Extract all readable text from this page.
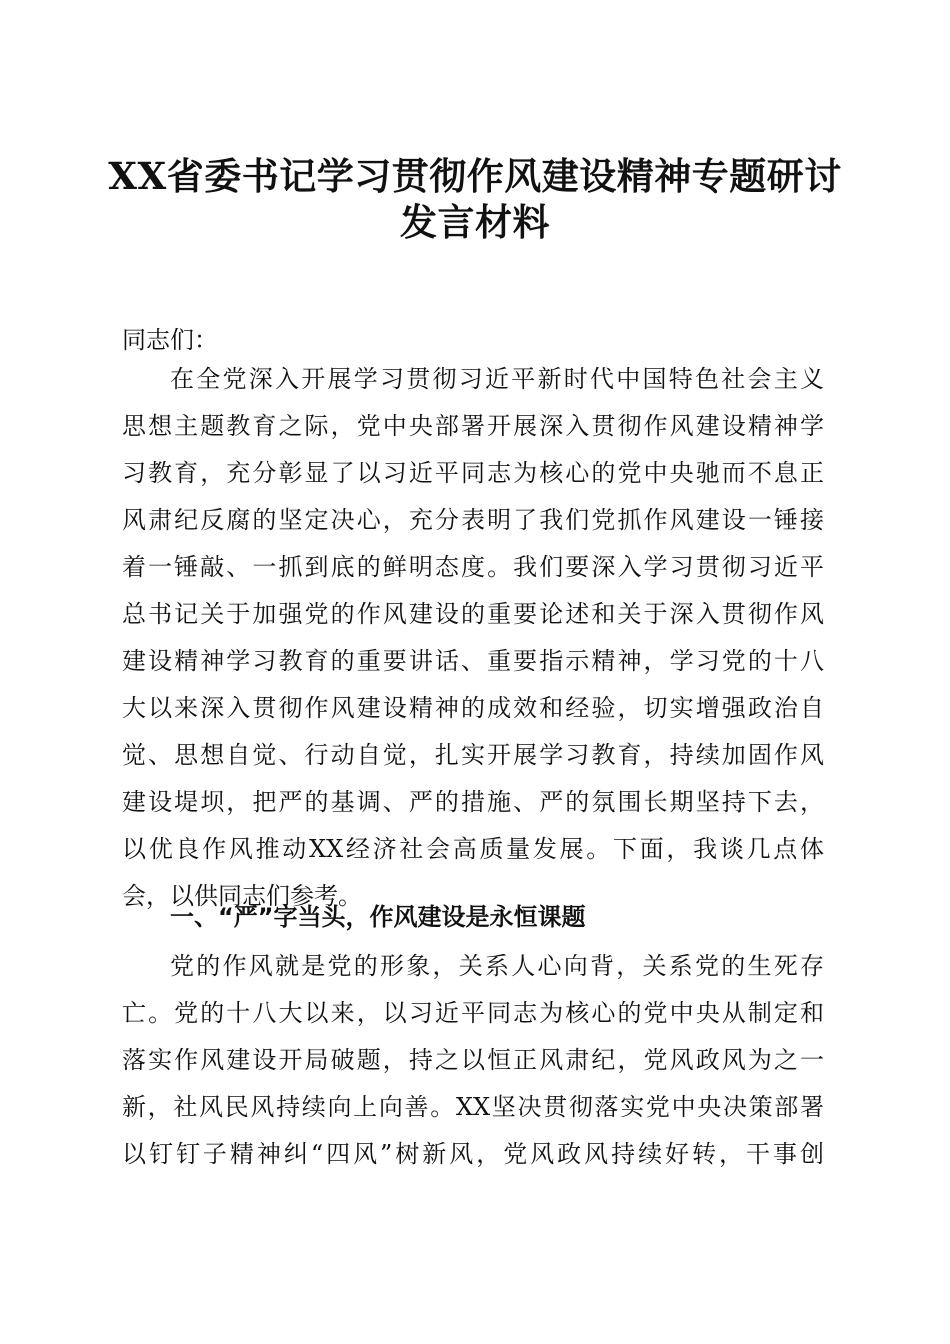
XX省委书记学习贯彻作风建设精神专题研讨
发言材料
同志们：
在全党深入开展学习贯彻习近平新时代中国特色社会主义
思想主题教育之际，党中央部署开展深入贯彻作风建设精神学
习教育，充分彰显了以习近平同志为核心的党中央驰而不息正
风肃纪反腐的坚定决心，充分表明了我们党抓作风建设一锤接
着一锤敲、一抓到底的鲜明态度。我们要深入学习贯彻习近平
总书记关于加强党的作风建设的重要论述和关于深入贯彻作风
建设精神学习教育的重要讲话、重要指示精神，学习党的十八
大以来深入贯彻作风建设精神的成效和经验，切实增强政治自
觉、思想自觉、行动自觉，扎实开展学习教育，持续加固作风
建设堤坝，把严的基调、严的措施、严的氛围长期坚持下去，
以优良作风推动XX经济社会高质量发展。下面，我谈几点体
会，以供同志们参考。
一、“严”字当头，作风建设是永恒课题
党的作风就是党的形象，关系人心向背，关系党的生死存
亡。党的十八大以来，以习近平同志为核心的党中央从制定和
落实作风建设开局破题，持之以恒正风肃纪，党风政风为之一
新，社风民风持续向上向善。XX坚决贯彻落实党中央决策部署
以钉钉子精神纠“四风”树新风，党风政风持续好转，干事创
